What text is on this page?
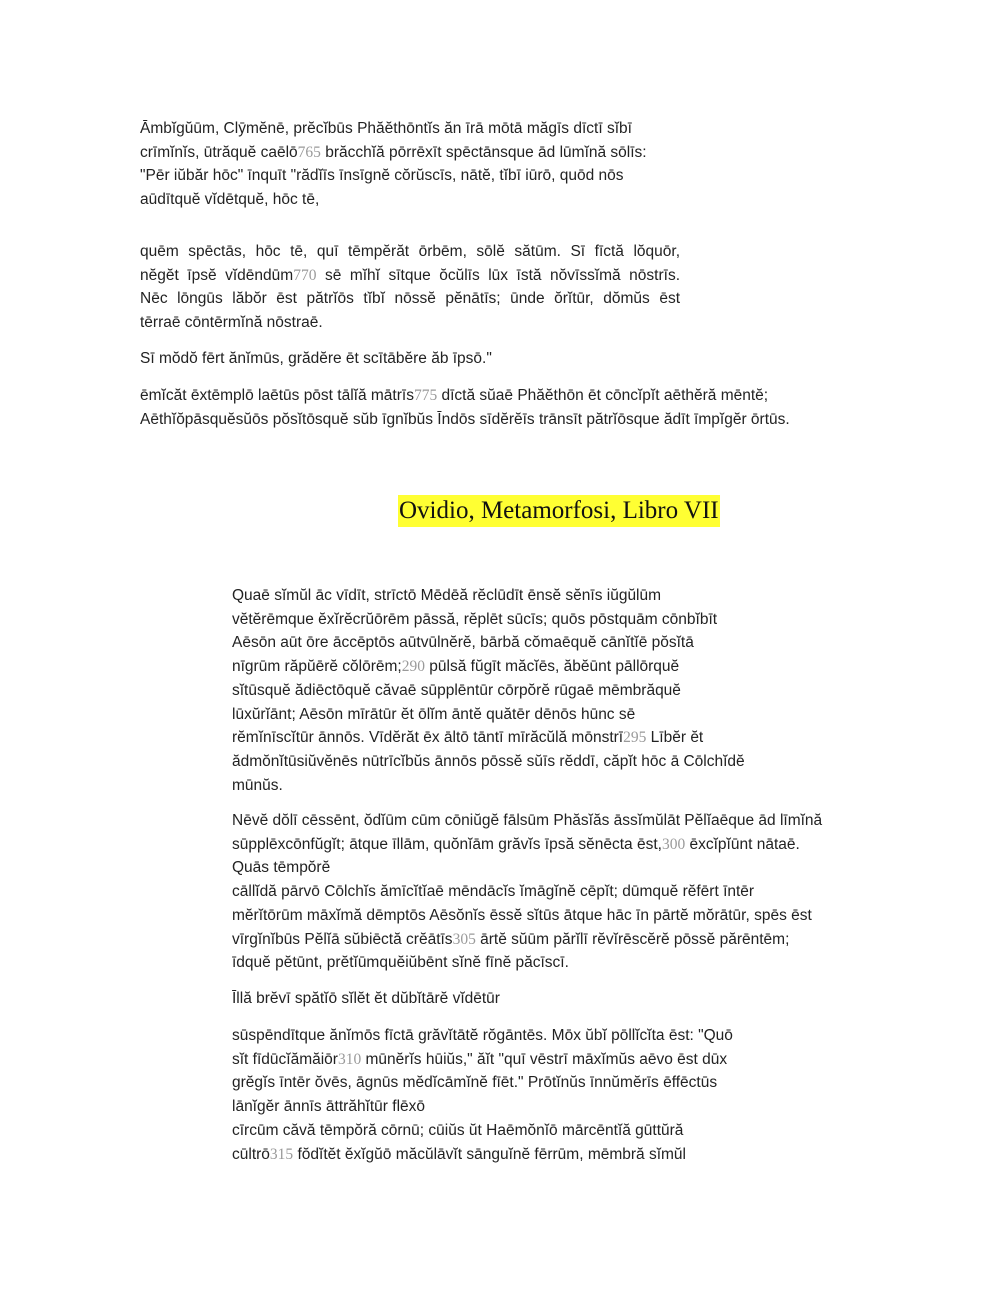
Āmbĭgŭūm, Clȳmĕnē, prĕcĭbūs Phăĕthōntĭs ăn īrā mōtā măgīs dīctī sĭbī
crīmĭnĭs, ūtrăquĕ caēlō765 brăcchĭă pōrrēxīt spēctānsque ād lūmĭnă sōlīs:
"Pēr iŭbăr hōc" īnquīt "rădĭīs īnsīgnĕ cŏrŭscīs, nātĕ, tĭbī iūrō, quōd nōs
aūdītquĕ vĭdētquĕ, hōc tē,
quēm spēctās, hōc tē, quī tēmpĕrăt ōrbēm, sōlĕ sătūm. Sī fīctă lŏquōr,
nĕgĕt īpsĕ vĭdēndūm770 sē mĭhĭ sītque ŏcŭlīs lūx īstă nŏvīssĭmă nōstrīs.
Nēc lōngūs lăbŏr ēst pătrĭōs tĭbĭ nōssĕ pĕnātīs; ūnde ŏrĭtūr, dŏmŭs ēst
tērraē cōntērmĭnă nōstraē.
Sī mŏdŏ fērt ănĭmūs, grădĕre ēt scītābĕre ăb īpsō."
ēmĭcăt ēxtēmplō laētūs pōst tālĭă mātrīs775 dīctă sŭaē Phăĕthōn ēt cōncĭpĭt aēthĕră mēntĕ;
Aēthĭŏpāsquĕsŭōs pŏsĭtōsquĕ sŭb īgnĭbŭs Īndōs sīdĕrĕīs trānsīt pătrĭōsque ădīt īmpĭgĕr ōrtūs.
Ovidio, Metamorfosi, Libro VII
Quaē sĭmŭl āc vīdīt, strīctō Mēdēă rĕclūdīt ēnsĕ sĕnīs iŭgŭlūm
vĕtĕrēmque ĕxĭrĕcrŭōrēm pāssă, rĕplēt sūcīs; quōs pōstquām cōnbĭbīt
Aēsōn aūt ōre āccēptōs aūtvūlnĕrĕ, bārbă cŏmaēquĕ cānĭtĭē pŏsĭtā
nīgrūm răpŭērĕ cŏlōrēm;290 pūlsă fŭgīt măcĭēs, ăbĕūnt pāllōrquĕ
sĭtūsquĕ ădiēctōquĕ căvaē sūpplēntūr cōrpŏrĕ rūgaē mēmbrăquĕ
lūxŭrĭānt; Aēsōn mīrātūr ĕt ōlĭm āntĕ quătēr dēnōs hūnc sē
rĕmĭnīscĭtūr ānnōs. Vīdĕrăt ēx āltō tāntī mīrăcŭlă mōnstrī295 Lībĕr ĕt
ădmŏnĭtūsiŭvĕnēs nūtrīcĭbŭs ānnōs pōssĕ sŭīs rĕddī, căpĭt hōc ā Cōlchĭdĕ
mūnŭs.
Nēvĕ dŏlī cēssēnt, ŏdĭūm cūm cōniŭgĕ fālsūm Phăsĭăs āssĭmŭlāt Pĕlĭaēque ād līmĭnă
sūpplēxcōnfŭgĭt; ātque īllām, quŏnĭām grăvĭs īpsă sĕnēcta ēst,300 ēxcĭpĭūnt nātaē.
Quās tēmpŏrĕ
cāllĭdă pārvō Cōlchĭs ămīcĭtĭaē mēndācĭs ĭmāgĭnĕ cēpĭt; dūmquĕ rĕfērt īntēr
mĕrĭtōrūm māxĭmă dēmptōs Aēsŏnĭs ēssĕ sĭtūs ātque hāc īn pārtĕ mŏrātūr, spēs ēst
vīrgĭnĭbūs Pĕlĭā sŭbiēctă crĕātīs305 ārtĕ sŭūm părĭlī rĕvĭrēscĕrĕ pōssĕ părēntēm;
īdquĕ pĕtūnt, prĕtĭūmquĕiŭbēnt sĭnĕ fīnĕ păcīscī.
Īllă brĕvī spătĭō sĭlĕt ĕt dŭbĭtārĕ vĭdētūr
sūspēndītque ănĭmōs fīctā grăvĭtātĕ rŏgāntēs. Mōx ŭbĭ pōllĭcĭta ēst: "Quō
sĭt fīdūcĭămăiōr310 mūnĕrĭs hūiŭs," ăĭt "quī vēstrī māxĭmŭs aēvo ēst dūx
grĕgĭs īntēr ŏvēs, āgnūs mĕdĭcāmĭnĕ fīēt." Prōtĭnŭs īnnŭmĕrīs ēffēctūs
lānĭgĕr ānnīs āttrăhĭtūr flēxō
cīrcūm căvă tēmpŏră cōrnū; cūiŭs ŭt Haēmŏnĭō mārcēntĭă gūttŭră
cūltrō315 fŏdĭtĕt ĕxĭgŭō măcŭlāvĭt sānguĭnĕ fērrūm, mēmbră sĭmŭl
